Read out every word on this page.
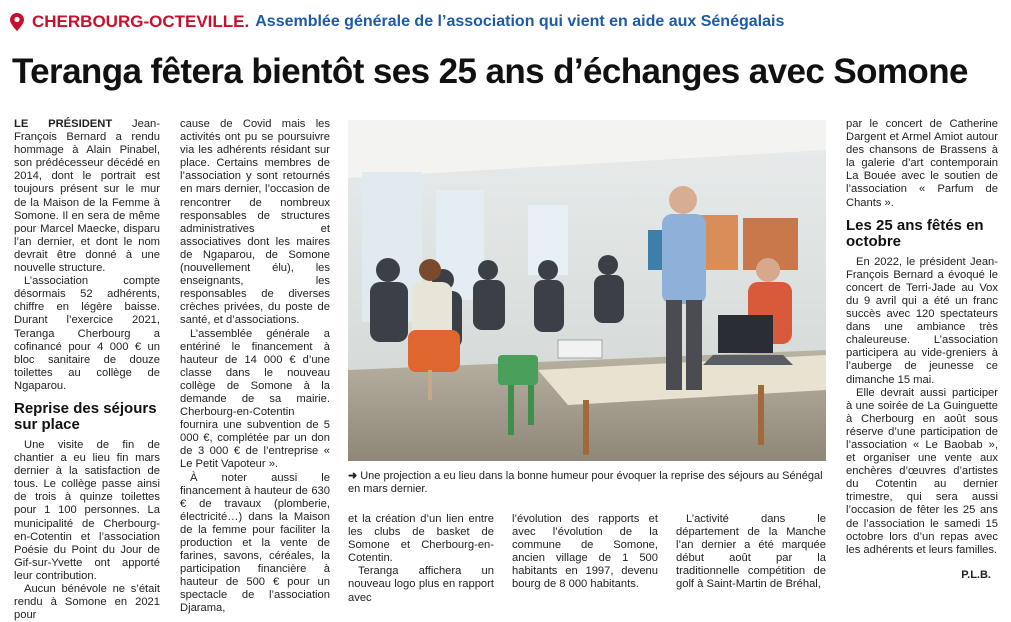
CHERBOURG-OCTEVILLE. Assemblée générale de l’association qui vient en aide aux Sénégalais
Teranga fêtera bientôt ses 25 ans d’échanges avec Somone

LE PRÉSIDENT Jean-François Bernard a rendu hommage à Alain Pinabel, son prédécesseur décédé en 2014, dont le portrait est toujours présent sur le mur de la Maison de la Femme à Somone. Il en sera de même pour Marcel Maecke, disparu l’an dernier, et dont le nom devrait être donné à une nouvelle structure.

L’association compte désormais 52 adhérents, chiffre en légère baisse. Durant l’exercice 2021, Teranga Cherbourg a cofinancé pour 4 000 € un bloc sanitaire de douze toilettes au collège de Ngaparou.

Reprise des séjours sur place

Une visite de fin de chantier a eu lieu fin mars dernier à la satisfaction de tous. Le collège passe ainsi de trois à quinze toilettes pour 1 100 personnes. La municipalité de Cherbourg-en-Cotentin et l’association Poésie du Point du Jour de Gif-sur-Yvette ont apporté leur contribution.

Aucun bénévole ne s’était rendu à Somone en 2021 pour

cause de Covid mais les activités ont pu se poursuivre via les adhérents résidant sur place. Certains membres de l’association y sont retournés en mars dernier, l’occasion de rencontrer de nombreux responsables de structures administratives et associatives dont les maires de Ngaparou, de Somone (nouvellement élu), les enseignants, les responsables de diverses crèches privées, du poste de santé, et d’associations.

L’assemblée générale a entériné le financement à hauteur de 14 000 € d’une classe dans le nouveau collège de Somone à la demande de sa mairie. Cherbourg-en-Cotentin fournira une subvention de 5 000 €, complétée par un don de 3 000 € de l’entreprise « Le Petit Vapoteur ».

À noter aussi le financement à hauteur de 630 € de travaux (plomberie, électricité…) dans la Maison de la femme pour faciliter la production et la vente de farines, savons, céréales, la participation financière à hauteur de 500 € pour un spectacle de l’association Djarama,

➜ Une projection a eu lieu dans la bonne humeur pour évoquer la reprise des séjours au Sénégal en mars dernier.

et la création d’un lien entre les clubs de basket de Somone et Cherbourg-en-Cotentin.

Teranga affichera un nouveau logo plus en rapport avec

l’évolution des rapports et avec l’évolution de la commune de Somone, ancien village de 1 500 habitants en 1997, devenu bourg de 8 000 habitants.

L’activité dans le département de la Manche l’an dernier a été marquée début août par la traditionnelle compétition de golf à Saint-Martin de Bréhal,

par le concert de Catherine Dargent et Armel Amiot autour des chansons de Brassens à la galerie d’art contemporain La Bouée avec le soutien de l’association « Parfum de Chants ».

Les 25 ans fêtés en octobre

En 2022, le président Jean-François Bernard a évoqué le concert de Terri-Jade au Vox du 9 avril qui a été un franc succès avec 120 spectateurs dans une ambiance très chaleureuse. L’association participera au vide-greniers à l’auberge de jeunesse ce dimanche 15 mai.

Elle devrait aussi participer à une soirée de La Guinguette à Cherbourg en août sous réserve d’une participation de l’association « Le Baobab », et organiser une vente aux enchères d’œuvres d’artistes du Cotentin au dernier trimestre, qui sera aussi l’occasion de fêter les 25 ans de l’association le samedi 15 octobre lors d’un repas avec les adhérents et leurs familles.

P.L.B.
